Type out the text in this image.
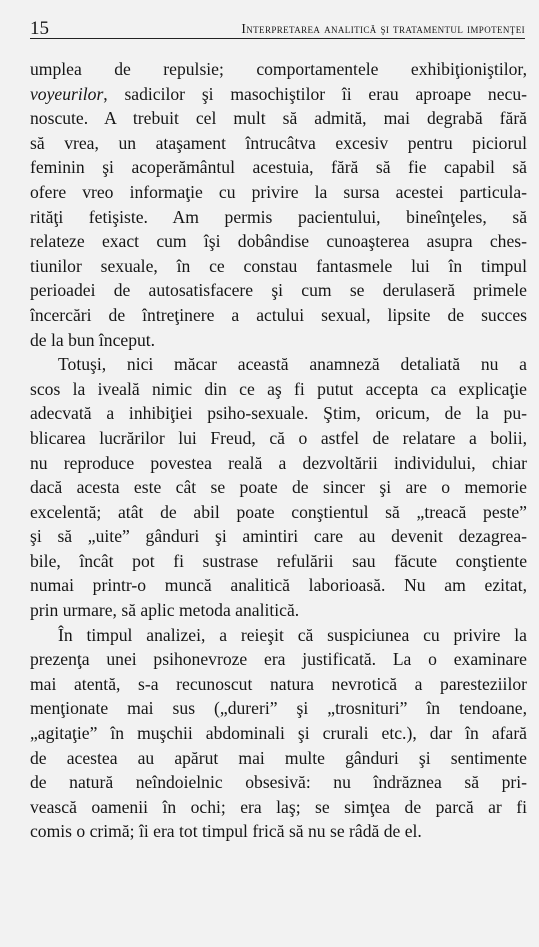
15	Interpretarea analitică şi tratamentul impotenţei

umplea de repulsie; comportamentele exhibiţioniştilor,
voyeurilor, sadicilor şi masochiştilor îi erau aproape necu-
noscute. A trebuit cel mult să admită, mai degrabă fără
să vrea, un ataşament întrucâtva excesiv pentru piciorul
feminin şi acoperământul acestuia, fără să fie capabil să
ofere vreo informaţie cu privire la sursa acestei particula-
rităţi fetişiste. Am permis pacientului, bineînţeles, să
relateze exact cum îşi dobândise cunoaşterea asupra ches-
tiunilor sexuale, în ce constau fantasmele lui în timpul
perioadei de autosatisfacere şi cum se derulaseră primele
încercări de întreţinere a actului sexual, lipsite de succes
de la bun început.

Totuşi, nici măcar această anamneză detaliată nu a
scos la iveală nimic din ce aş fi putut accepta ca explicaţie
adecvată a inhibiţiei psiho-sexuale. Ştim, oricum, de la pu-
blicarea lucrărilor lui Freud, că o astfel de relatare a bolii,
nu reproduce povestea reală a dezvoltării individului, chiar
dacă acesta este cât se poate de sincer şi are o memorie
excelentă; atât de abil poate conştientul să „treacă peste”
şi să „uite” gânduri şi amintiri care au devenit dezagrea-
bile, încât pot fi sustrase refulării sau făcute conştiente
numai printr-o muncă analitică laborioasă. Nu am ezitat,
prin urmare, să aplic metoda analitică.

În timpul analizei, a reieşit că suspiciunea cu privire la
prezenţa unei psihonevroze era justificată. La o examinare
mai atentă, s-a recunoscut natura nevrotică a paresteziilor
menţionate mai sus („dureri” şi „trosnituri” în tendoane,
„agitaţie” în muşchii abdominali şi crurali etc.), dar în afară
de acestea au apărut mai multe gânduri şi sentimente
de natură neîndoielnic obsesivă: nu îndrăznea să pri-
vească oamenii în ochi; era laş; se simţea de parcă ar fi
comis o crimă; îi era tot timpul frică să nu se râdă de el.
